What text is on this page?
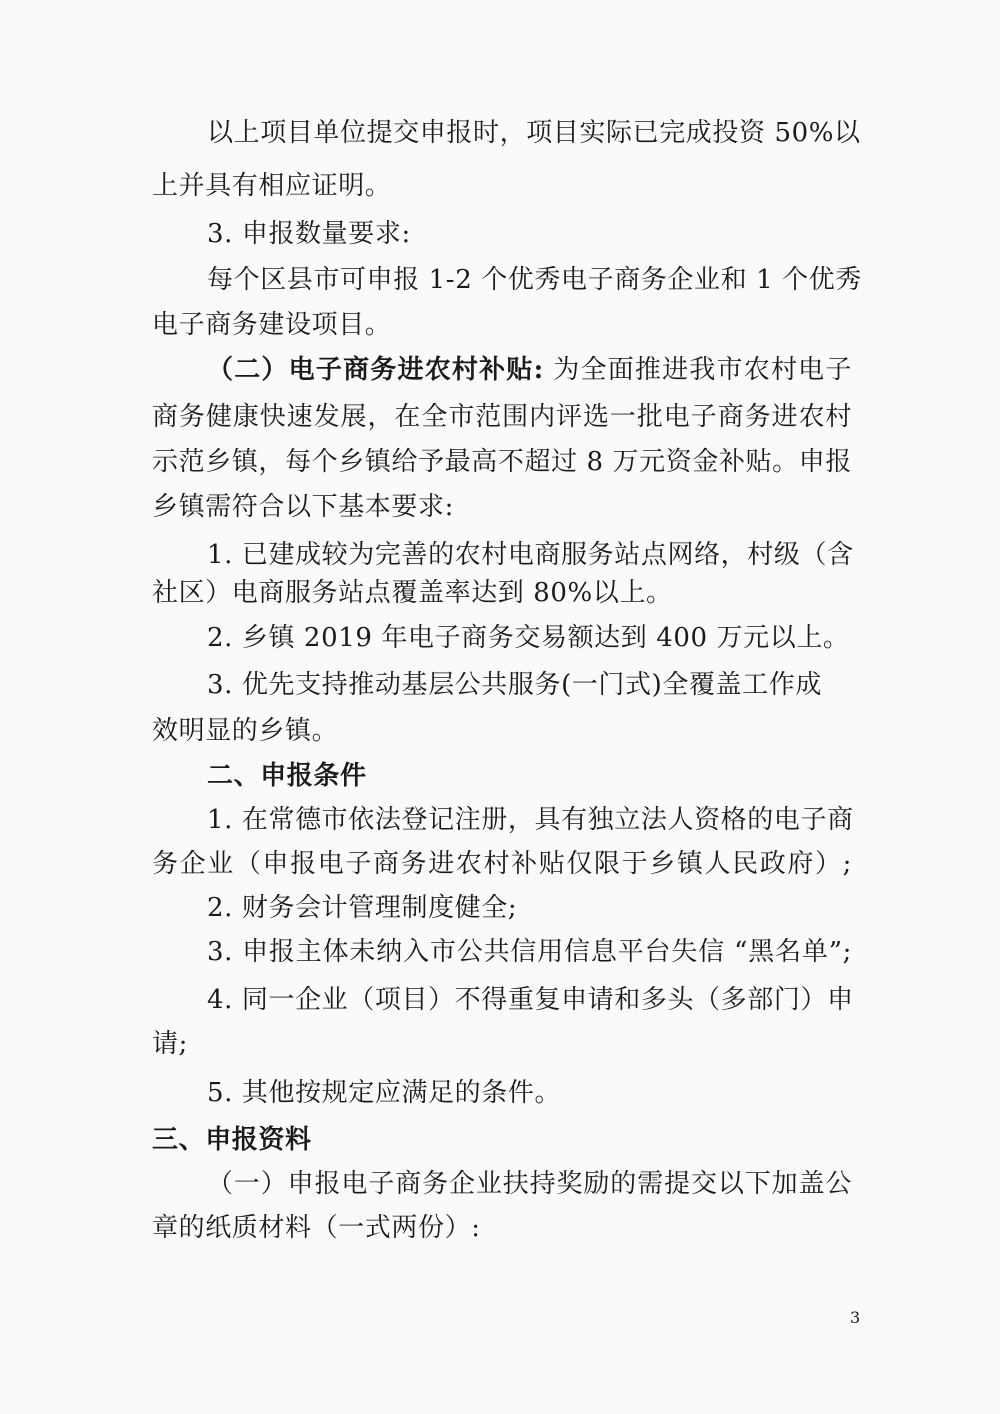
以上项目单位提交申报时，项目实际已完成投资 50%以
上并具有相应证明。
3. 申报数量要求:
每个区县市可申报 1-2 个优秀电子商务企业和 1 个优秀
电子商务建设项目。
（二）电子商务进农村补贴: 为全面推进我市农村电子
商务健康快速发展，在全市范围内评选一批电子商务进农村
示范乡镇，每个乡镇给予最高不超过 8 万元资金补贴。申报
乡镇需符合以下基本要求:
1. 已建成较为完善的农村电商服务站点网络，村级（含
社区）电商服务站点覆盖率达到 80%以上。
2. 乡镇 2019 年电子商务交易额达到 400 万元以上。
3. 优先支持推动基层公共服务(一门式)全覆盖工作成
效明显的乡镇。
二、申报条件
1. 在常德市依法登记注册，具有独立法人资格的电子商
务企业（申报电子商务进农村补贴仅限于乡镇人民政府）;
2. 财务会计管理制度健全;
3. 申报主体未纳入市公共信用信息平台失信 “黑名单”;
4. 同一企业（项目）不得重复申请和多头（多部门）申
请;
5. 其他按规定应满足的条件。
三、申报资料
（一）申报电子商务企业扶持奖励的需提交以下加盖公
章的纸质材料（一式两份）:
3
